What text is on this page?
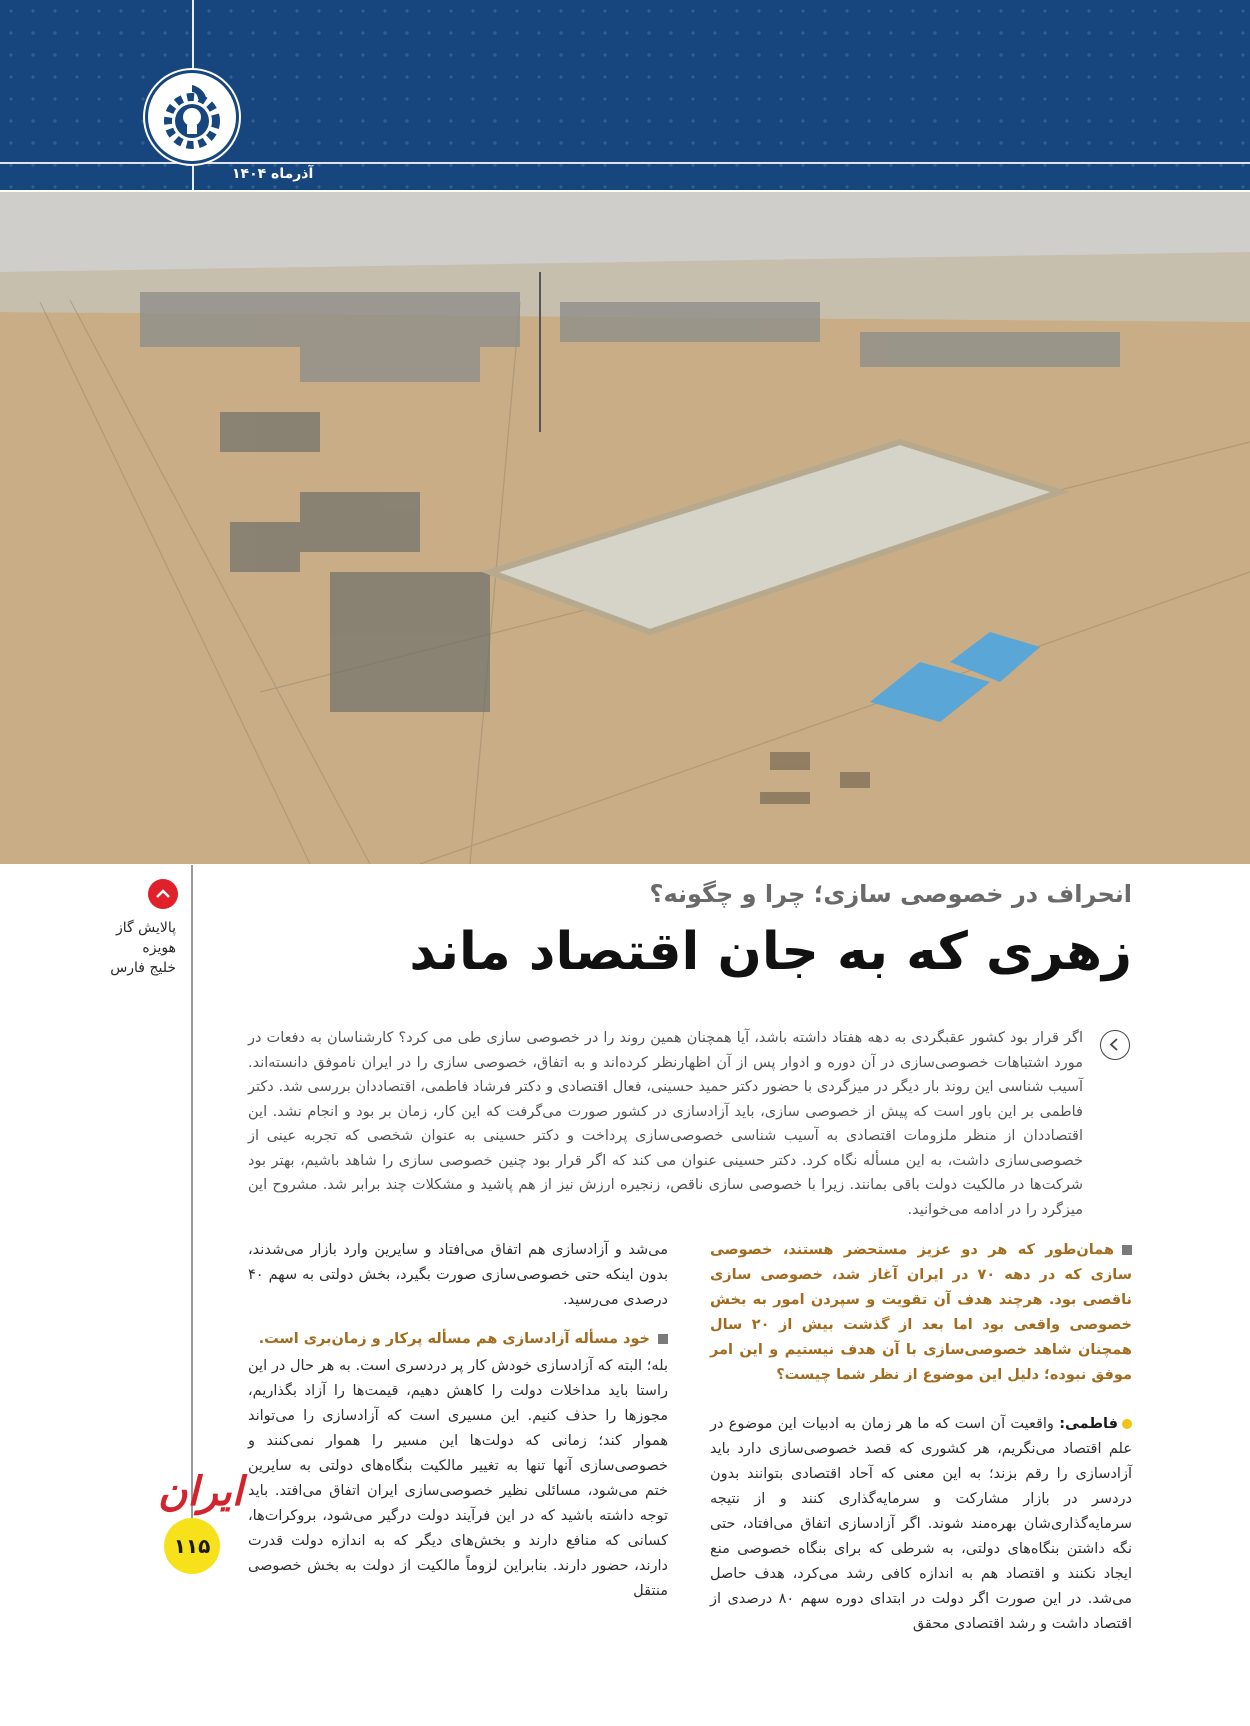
آذرماه ۱۴۰۴
پالایش گاز
هویزه
خلیج فارس
انحراف در خصوصی سازی؛ چرا و چگونه؟
زهری که به جان اقتصاد ماند

اگر قرار بود کشور عقبگردی به دهه هفتاد داشته باشد، آیا همچنان همین روند را در خصوصی سازی طی می کرد؟ کارشناسان به دفعات در مورد اشتباهات خصوصی‌سازی در آن دوره و ادوار پس از آن اظهارنظر کرده‌اند و به اتفاق، خصوصی سازی را در ایران ناموفق دانسته‌اند. آسیب شناسی این روند بار دیگر در میزگردی با حضور دکتر حمید حسینی، فعال اقتصادی و دکتر فرشاد فاطمی، اقتصاددان بررسی شد. دکتر فاطمی بر این باور است که پیش از خصوصی سازی، باید آزادسازی در کشور صورت می‌گرفت که این کار، زمان بر بود و انجام نشد. این اقتصاددان از منظر ملزومات اقتصادی به آسیب شناسی خصوصی‌سازی پرداخت و دکتر حسینی به عنوان شخصی که تجربه عینی از خصوصی‌سازی داشت، به این مسأله نگاه کرد. دکتر حسینی عنوان می کند که اگر قرار بود چنین خصوصی سازی را شاهد باشیم، بهتر بود شرکت‌ها در مالکیت دولت باقی بمانند. زیرا با خصوصی سازی ناقص، زنجیره ارزش نیز از هم پاشید و مشکلات چند برابر شد. مشروح این میزگرد را در ادامه می‌خوانید.

همان‌طور که هر دو عزیز مستحضر هستند، خصوصی سازی که در دهه ۷۰ در ایران آغاز شد، خصوصی سازی ناقصی بود. هرچند هدف آن تقویت و سپردن امور به بخش خصوصی واقعی بود اما بعد از گذشت بیش از ۲۰ سال همچنان شاهد خصوصی‌سازی با آن هدف نیستیم و این امر موفق نبوده؛ دلیل این موضوع از نظر شما چیست؟

فاطمی: واقعیت آن است که ما هر زمان به ادبیات این موضوع در علم اقتصاد می‌نگریم، هر کشوری که قصد خصوصی‌سازی دارد باید آزادسازی را رقم بزند؛ به این معنی که آحاد اقتصادی بتوانند بدون دردسر در بازار مشارکت و سرمایه‌گذاری کنند و از نتیجه سرمایه‌گذاری‌شان بهره‌مند شوند. اگر آزادسازی اتفاق می‌افتاد، حتی نگه داشتن بنگاه‌های دولتی، به شرطی که برای بنگاه خصوصی منع ایجاد نکنند و اقتصاد هم به اندازه کافی رشد می‌کرد، هدف حاصل می‌شد. در این صورت اگر دولت در ابتدای دوره سهم ۸۰ درصدی از اقتصاد داشت و رشد اقتصادی محقق

می‌شد و آزادسازی هم اتفاق می‌افتاد و سایرین وارد بازار می‌شدند، بدون اینکه حتی خصوصی‌سازی صورت بگیرد، بخش دولتی به سهم ۴۰ درصدی می‌رسید.

خود مسأله آزادسازی هم مسأله پرکار و زمان‌بری است.

بله؛ البته که آزادسازی خودش کار پر دردسری است. به هر حال در این راستا باید مداخلات دولت را کاهش دهیم، قیمت‌ها را آزاد بگذاریم، مجوزها را حذف کنیم. این مسیری است که آزادسازی را می‌تواند هموار کند؛ زمانی که دولت‌ها این مسیر را هموار نمی‌کنند و خصوصی‌سازی آنها تنها به تغییر مالکیت بنگاه‌های دولتی به سایرین ختم می‌شود، مسائلی نظیر خصوصی‌سازی ایران اتفاق می‌افتد. باید توجه داشته باشید که در این فرآیند دولت درگیر می‌شود، بروکرات‌ها، کسانی که منافع دارند و بخش‌های دیگر که به اندازه دولت قدرت دارند، حضور دارند. بنابراین لزوماً مالکیت از دولت به بخش خصوصی منتقل

ایران
۱۱۵
